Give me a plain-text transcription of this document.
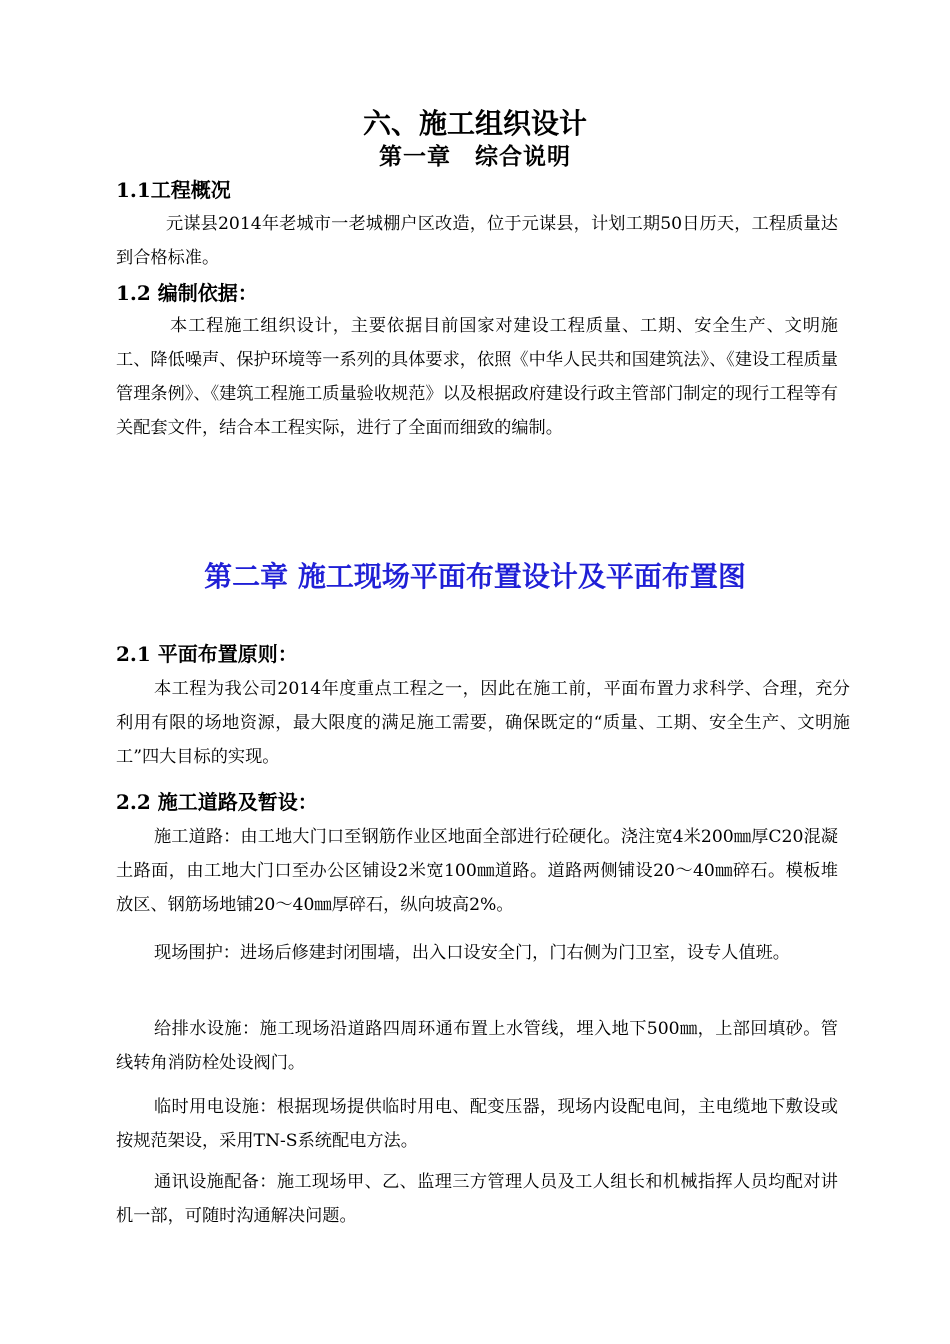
六、施工组织设计
第一章　综合说明
1.1工程概况

元谋县2014年老城市一老城棚户区改造，位于元谋县，计划工期50日历天，工程质量达到合格标准。

1.2 编制依据：

本工程施工组织设计，主要依据目前国家对建设工程质量、工期、安全生产、文明施工、降低噪声、保护环境等一系列的具体要求，依照《中华人民共和国建筑法》、《建设工程质量管理条例》、《建筑工程施工质量验收规范》以及根据政府建设行政主管部门制定的现行工程等有关配套文件，结合本工程实际，进行了全面而细致的编制。

第二章 施工现场平面布置设计及平面布置图
2.1 平面布置原则：

本工程为我公司2014年度重点工程之一，因此在施工前，平面布置力求科学、合理，充分利用有限的场地资源，最大限度的满足施工需要，确保既定的“质量、工期、安全生产、文明施工”四大目标的实现。

2.2 施工道路及暂设：

施工道路：由工地大门口至钢筋作业区地面全部进行砼硬化。浇注宽4米200㎜厚C20混凝土路面，由工地大门口至办公区铺设2米宽100㎜道路。道路两侧铺设20～40㎜碎石。模板堆放区、钢筋场地铺20～40㎜厚碎石，纵向坡高2%。

现场围护：进场后修建封闭围墙，出入口设安全门，门右侧为门卫室，设专人值班。

给排水设施：施工现场沿道路四周环通布置上水管线，埋入地下500㎜，上部回填砂。管线转角消防栓处设阀门。

临时用电设施：根据现场提供临时用电、配变压器，现场内设配电间，主电缆地下敷设或按规范架设，采用TN-S系统配电方法。

通讯设施配备：施工现场甲、乙、监理三方管理人员及工人组长和机械指挥人员均配对讲机一部，可随时沟通解决问题。
